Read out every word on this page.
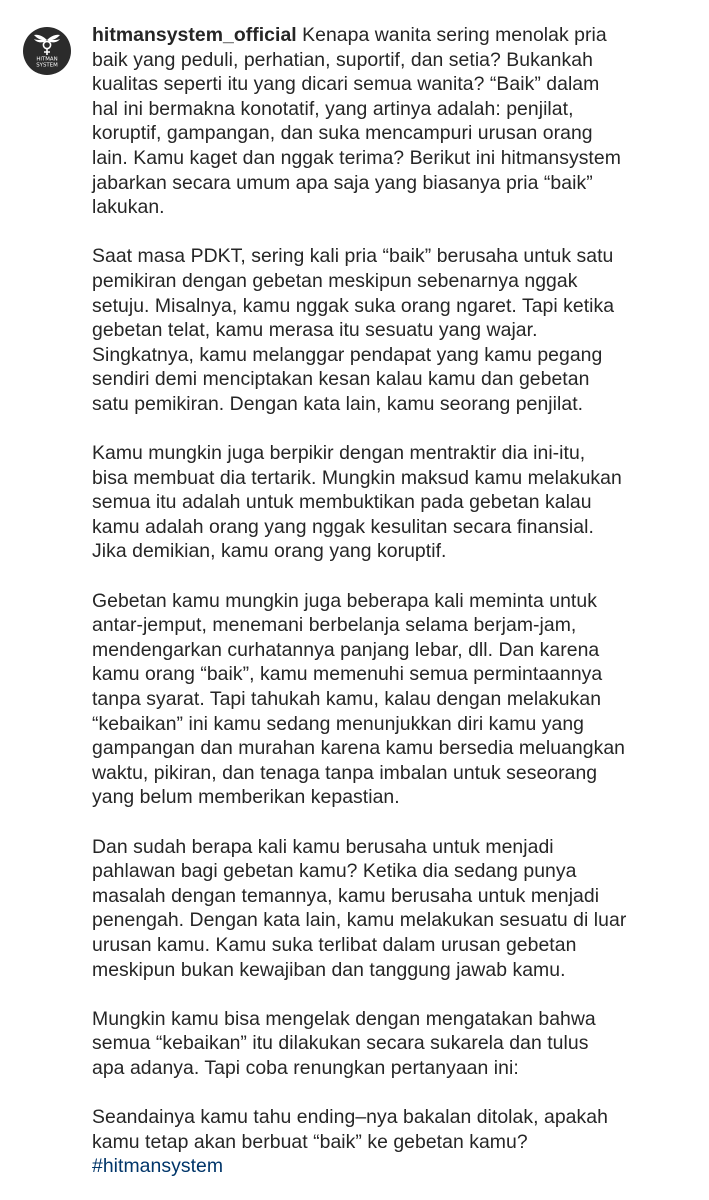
HITMAN
SYSTEM
hitmansystem_official Kenapa wanita sering menolak pria
baik yang peduli, perhatian, suportif, dan setia? Bukankah
kualitas seperti itu yang dicari semua wanita? “Baik” dalam
hal ini bermakna konotatif, yang artinya adalah: penjilat,
koruptif, gampangan, dan suka mencampuri urusan orang
lain. Kamu kaget dan nggak terima? Berikut ini hitmansystem
jabarkan secara umum apa saja yang biasanya pria “baik”
lakukan.
Saat masa PDKT, sering kali pria “baik” berusaha untuk satu
pemikiran dengan gebetan meskipun sebenarnya nggak
setuju. Misalnya, kamu nggak suka orang ngaret. Tapi ketika
gebetan telat, kamu merasa itu sesuatu yang wajar.
Singkatnya, kamu melanggar pendapat yang kamu pegang
sendiri demi menciptakan kesan kalau kamu dan gebetan
satu pemikiran. Dengan kata lain, kamu seorang penjilat.
Kamu mungkin juga berpikir dengan mentraktir dia ini-itu,
bisa membuat dia tertarik. Mungkin maksud kamu melakukan
semua itu adalah untuk membuktikan pada gebetan kalau
kamu adalah orang yang nggak kesulitan secara finansial.
Jika demikian, kamu orang yang koruptif.
Gebetan kamu mungkin juga beberapa kali meminta untuk
antar-jemput, menemani berbelanja selama berjam-jam,
mendengarkan curhatannya panjang lebar, dll. Dan karena
kamu orang “baik”, kamu memenuhi semua permintaannya
tanpa syarat. Tapi tahukah kamu, kalau dengan melakukan
“kebaikan” ini kamu sedang menunjukkan diri kamu yang
gampangan dan murahan karena kamu bersedia meluangkan
waktu, pikiran, dan tenaga tanpa imbalan untuk seseorang
yang belum memberikan kepastian.
Dan sudah berapa kali kamu berusaha untuk menjadi
pahlawan bagi gebetan kamu? Ketika dia sedang punya
masalah dengan temannya, kamu berusaha untuk menjadi
penengah. Dengan kata lain, kamu melakukan sesuatu di luar
urusan kamu. Kamu suka terlibat dalam urusan gebetan
meskipun bukan kewajiban dan tanggung jawab kamu.
Mungkin kamu bisa mengelak dengan mengatakan bahwa
semua “kebaikan” itu dilakukan secara sukarela dan tulus
apa adanya. Tapi coba renungkan pertanyaan ini:
Seandainya kamu tahu ending–nya bakalan ditolak, apakah
kamu tetap akan berbuat “baik” ke gebetan kamu?
#hitmansystem
